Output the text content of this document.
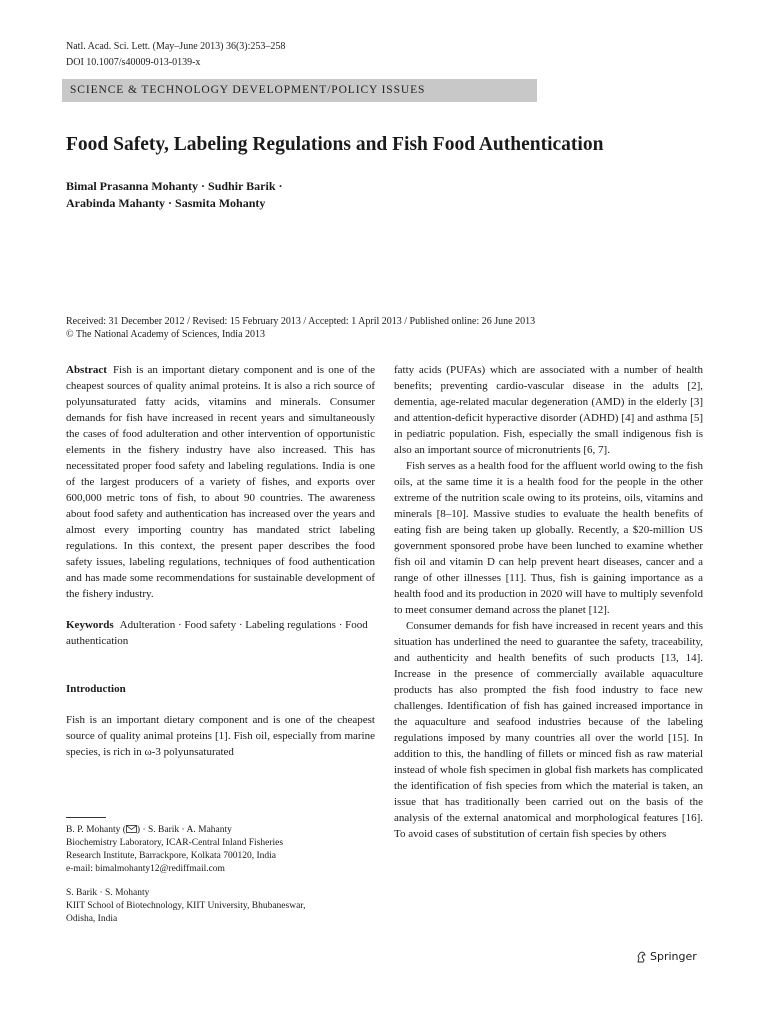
Natl. Acad. Sci. Lett. (May–June 2013) 36(3):253–258
DOI 10.1007/s40009-013-0139-x
SCIENCE & TECHNOLOGY DEVELOPMENT/POLICY ISSUES
Food Safety, Labeling Regulations and Fish Food Authentication
Bimal Prasanna Mohanty · Sudhir Barik ·
Arabinda Mahanty · Sasmita Mohanty
Received: 31 December 2012 / Revised: 15 February 2013 / Accepted: 1 April 2013 / Published online: 26 June 2013
© The National Academy of Sciences, India 2013

Abstract Fish is an important dietary component and is one of the cheapest sources of quality animal proteins. It is also a rich source of polyunsaturated fatty acids, vitamins and minerals. Consumer demands for fish have increased in recent years and simultaneously the cases of food adulteration and other intervention of opportunistic elements in the fishery industry have also increased. This has necessitated proper food safety and labeling regulations. India is one of the largest producers of a variety of fishes, and exports over 600,000 metric tons of fish, to about 90 countries. The awareness about food safety and authentication has increased over the years and almost every importing country has mandated strict labeling regulations. In this context, the present paper describes the food safety issues, labeling regulations, techniques of food authentication and has made some recommendations for sustainable development of the fishery industry.

Keywords Adulteration · Food safety · Labeling regulations · Food authentication

Introduction

Fish is an important dietary component and is one of the cheapest source of quality animal proteins [1]. Fish oil, especially from marine species, is rich in ω-3 polyunsaturated

B. P. Mohanty ( ) · S. Barik · A. Mahanty
Biochemistry Laboratory, ICAR-Central Inland Fisheries
Research Institute, Barrackpore, Kolkata 700120, India
e-mail: bimalmohanty12@rediffmail.com
S. Barik · S. Mohanty
KIIT School of Biotechnology, KIIT University, Bhubaneswar,
Odisha, India

fatty acids (PUFAs) which are associated with a number of health benefits; preventing cardio-vascular disease in the adults [2], dementia, age-related macular degeneration (AMD) in the elderly [3] and attention-deficit hyperactive disorder (ADHD) [4] and asthma [5] in pediatric population. Fish, especially the small indigenous fish is also an important source of micronutrients [6, 7].

Fish serves as a health food for the affluent world owing to the fish oils, at the same time it is a health food for the people in the other extreme of the nutrition scale owing to its proteins, oils, vitamins and minerals [8–10]. Massive studies to evaluate the health benefits of eating fish are being taken up globally. Recently, a $20-million US government sponsored probe have been lunched to examine whether fish oil and vitamin D can help prevent heart diseases, cancer and a range of other illnesses [11]. Thus, fish is gaining importance as a health food and its production in 2020 will have to multiply sevenfold to meet consumer demand across the planet [12].

Consumer demands for fish have increased in recent years and this situation has underlined the need to guarantee the safety, traceability, and authenticity and health benefits of such products [13, 14]. Increase in the presence of commercially available aquaculture products has also prompted the fish food industry to face new challenges. Identification of fish has gained increased importance in the aquaculture and seafood industries because of the labeling regulations imposed by many countries all over the world [15]. In addition to this, the handling of fillets or minced fish as raw material instead of whole fish specimen in global fish markets has complicated the identification of fish species from which the material is taken, an issue that has traditionally been carried out on the basis of the analysis of the external anatomical and morphological features [16]. To avoid cases of substitution of certain fish species by others

Springer
